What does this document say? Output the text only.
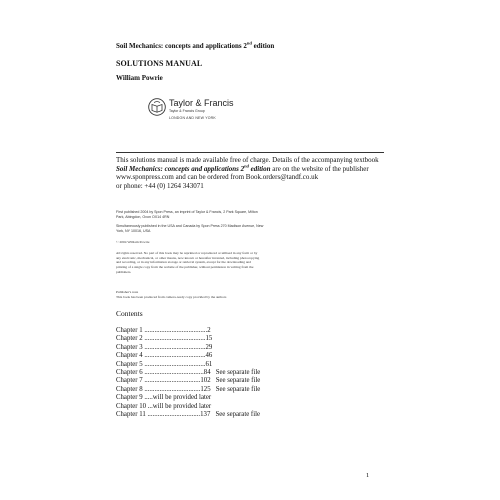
Soil Mechanics: concepts and applications 2nd edition
SOLUTIONS MANUAL
William Powrie
Taylor & Francis
Taylor & Francis Group
LONDON AND NEW YORK
This solutions manual is made available free of charge. Details of the accompanying textbook
Soil Mechanics: concepts and applications 2nd edition are on the website of the publisher
www.sponpress.com and can be ordered from Book.orders@tandf.co.uk
or phone: +44 (0) 1264 343071
First published 2004 by Spon Press, an imprint of Taylor & Francis, 2 Park Square, Milton
Park, Abingdon, Oxon OX14 4RN
Simultaneously published in the USA and Canada by Spon Press 270 Madison Avenue, New
York, NY 10016, USA
© 2004 William Powrie
All rights reserved. No part of this book may be reprinted or reproduced or utilised in any form or by
any electronic, mechanical, or other means, now known or hereafter invented, including photocopying
and recording, or in any information storage or retrieval system, except for the downloading and
printing of a single copy from the website of the publisher, without permission in writing from the
publishers.
Publisher's note
This book has been produced from camera-ready copy provided by the authors
Contents
Chapter 1 .....................................2
Chapter 2 ....................................15
Chapter 3 ....................................29
Chapter 4 ....................................46
Chapter 5 ....................................61
Chapter 6 ...................................84 See separate file
Chapter 7 .................................102 See separate file
Chapter 8 .................................125 See separate file
Chapter 9 .....will be provided later
Chapter 10 ...will be provided later
Chapter 11 ...............................137 See separate file
1
